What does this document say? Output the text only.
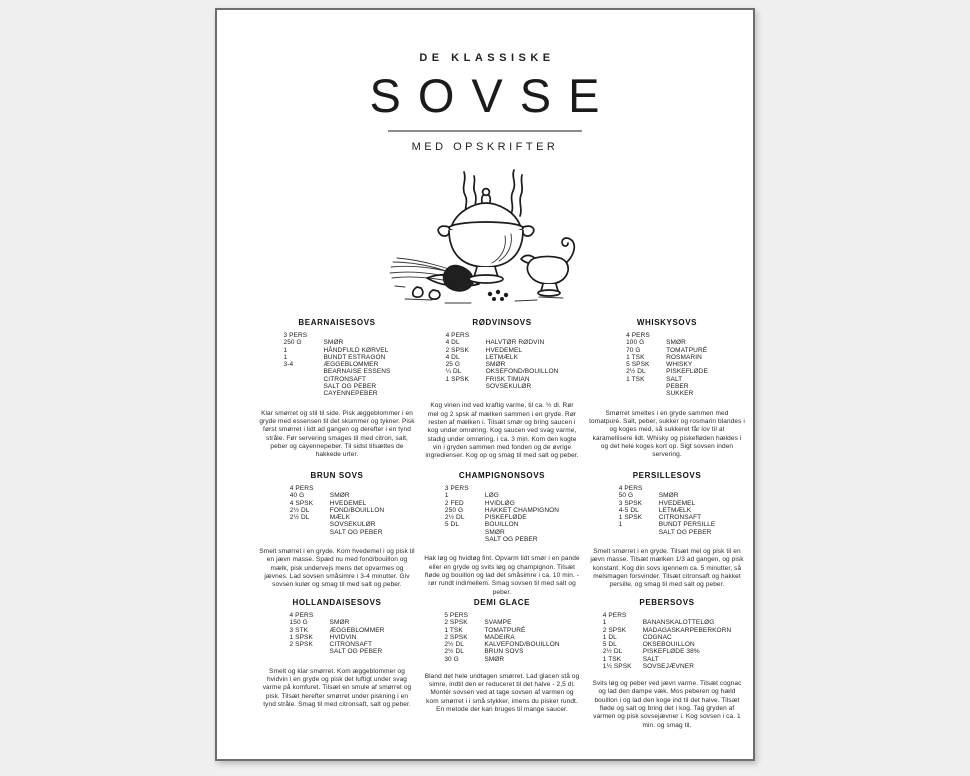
DE KLASSISKE
SOVSE
MED OPSKRIFTER
BEARNAISESOVS
3 PERS
250 G	SMØR
1	HÅNDFULD KØRVEL
1	BUNDT ESTRAGON
3-4	ÆGGEBLOMMER
BEARNAISE ESSENS
CITRONSAFT
SALT OG PEBER
CAYENNEPEBER

Klar smørret og stil til side. Pisk æggeblommer i en gryde med essensen til det skummer og tykner. Pisk først smørret i lidt ad gangen og derefter i en tynd stråle. Før servering smages til med citron, salt, peber og cayennepeber. Til sidst tilsættes de hakkede urter.

RØDVINSOVS
4 PERS
4 DL	HALVTØR RØDVIN
2 SPSK	HVEDEMEL
4 DL	LETMÆLK
25 G	SMØR
¼ DL	OKSEFOND/BOUILLON
1 SPSK	FRISK TIMIAN
SOVSEKULØR

Kog vinen ind ved kraftig varme, til ca. ½ dl. Rør mel og 2 spsk af mælken sammen i en gryde. Rør resten af mælken i. Tilsæt smør og bring saucen i kog under omrøring. Kog saucen ved svag varme, stadig under omrøring, i ca. 3 min. Kom den kogte vin i gryden sammen med fonden og de øvrige ingredienser. Kog op og smag til med salt og peber.

WHISKYSOVS
4 PERS
100 G	SMØR
70 G	TOMATPURÉ
1 TSK	ROSMARIN
5 SPSK	WHISKY
2½ DL	PISKEFLØDE
1 TSK	SALT
PEBER
SUKKER

Smørret smeltes i en gryde sammen med tomatpuré. Salt, peber, sukker og rosmarin blandes i og koges med, så sukkeret får lov til at karamellisere lidt. Whisky og piskefløden hældes i og det hele koges kort op. Sigt sovsen inden servering.

BRUN SOVS
4 PERS
40 G	SMØR
4 SPSK	HVEDEMEL
2½ DL	FOND/BOUILLON
2½ DL	MÆLK
SOVSEKULØR
SALT OG PEBER

Smelt smørret i en gryde. Kom hvedemel i og pisk til en jævn masse. Spæd nu med fond/bouillon og mælk, pisk undervejs mens det opvarmes og jævnes. Lad sovsen småsimre i 3-4 minutter. Giv sovsen kulør og smag til med salt og peber.

CHAMPIGNONSOVS
3 PERS
1	LØG
2 FED	HVIDLØG
250 G	HAKKET CHAMPIGNON
2½ DL	PISKEFLØDE
5 DL	BOUILLON
SMØR
SALT OG PEBER

Hak løg og hvidløg fint. Opvarm lidt smør i en pande eller en gryde og svits løg og champignon. Tilsæt fløde og bouillon og lad det småsimre i ca. 10 min. - rør rundt indimellem. Smag sovsen til med salt og peber.

PERSILLESOVS
4 PERS
50 G	SMØR
3 SPSK	HVEDEMEL
4-5 DL	LETMÆLK
1 SPSK	CITRONSAFT
1	BUNDT PERSILLE
SALT OG PEBER

Smelt smørret i en gryde. Tilsæt mel og pisk til en jævn masse. Tilsæt mælken 1/3 ad gangen, og pisk konstant. Kog din sovs igennem ca. 5 minutter, så melsmagen forsvinder. Tilsæt citronsaft og hakket persille, og smag til med salt og peber.

HOLLANDAISESOVS
4 PERS
150 G	SMØR
3 STK	ÆGGEBLOMMER
1 SPSK	HVIDVIN
2 SPSK	CITRONSAFT
SALT OG PEBER

Smelt og klar smørret. Kom æggeblommer og hvidvin i en gryde og pisk det luftigt under svag varme på komfuret. Tilsæt en smule af smørret og pisk. Tilsæt herefter smørret under piskning i en tynd stråle. Smag til med citronsaft, salt og peber.

DEMI GLACE
5 PERS
2 SPSK	SVAMPE
1 TSK	TOMATPURÉ
2 SPSK	MADEIRA
2½ DL	KALVEFOND/BOUILLON
2½ DL	BRUN SOVS
30 G	SMØR

Bland det hele undtagen smørret. Lad glacen stå og simre, indtil den er reduceret til det halve - 2,5 dl. Montér sovsen ved at tage sovsen af varmen og kom smørret i i små stykker, imens du pisker rundt. En metode der kan bruges til mange saucer.

PEBERSOVS
4 PERS
1	BANANSKALOTTELØG
2 SPSK	MADAGASKARPEBERKORN
1 DL	COGNAC
5 DL	OKSEBOUILLON
2½ DL	PISKEFLØDE 38%
1 TSK	SALT
1½ SPSK	SOVSEJÆVNER

Svits løg og peber ved jævn varme. Tilsæt cognac og lad den dampe væk. Mos peberen og hæld bouillon i og lad den koge ind til det halve. Tilsæt fløde og salt og bring det i kog. Tag gryden af varmen og pisk sovsejævner i. Kog sovsen i ca. 1 min. og smag til.
